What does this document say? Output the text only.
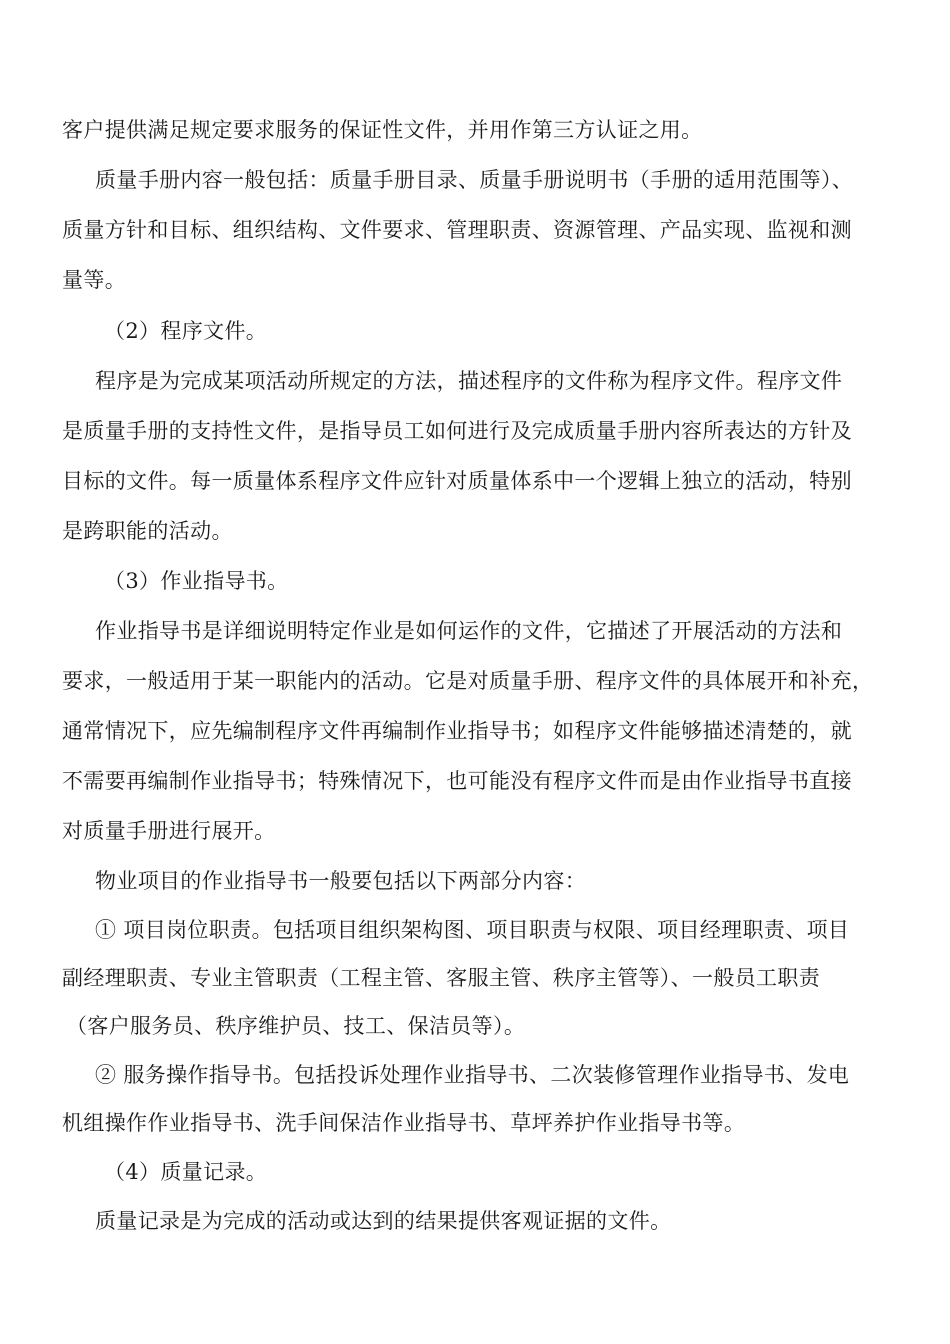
客户提供满足规定要求服务的保证性文件，并用作第三方认证之用。
质量手册内容一般包括：质量手册目录、质量手册说明书（手册的适用范围等）、
质量方针和目标、组织结构、文件要求、管理职责、资源管理、产品实现、监视和测
量等。
（2）程序文件。
程序是为完成某项活动所规定的方法，描述程序的文件称为程序文件。程序文件
是质量手册的支持性文件，是指导员工如何进行及完成质量手册内容所表达的方针及
目标的文件。每一质量体系程序文件应针对质量体系中一个逻辑上独立的活动，特别
是跨职能的活动。
（3）作业指导书。
作业指导书是详细说明特定作业是如何运作的文件，它描述了开展活动的方法和
要求，一般适用于某一职能内的活动。它是对质量手册、程序文件的具体展开和补充，
通常情况下，应先编制程序文件再编制作业指导书；如程序文件能够描述清楚的，就
不需要再编制作业指导书；特殊情况下，也可能没有程序文件而是由作业指导书直接
对质量手册进行展开。
物业项目的作业指导书一般要包括以下两部分内容：
① 项目岗位职责。包括项目组织架构图、项目职责与权限、项目经理职责、项目
副经理职责、专业主管职责（工程主管、客服主管、秩序主管等）、一般员工职责
（客户服务员、秩序维护员、技工、保洁员等）。
② 服务操作指导书。包括投诉处理作业指导书、二次装修管理作业指导书、发电
机组操作作业指导书、洗手间保洁作业指导书、草坪养护作业指导书等。
（4）质量记录。
质量记录是为完成的活动或达到的结果提供客观证据的文件。
